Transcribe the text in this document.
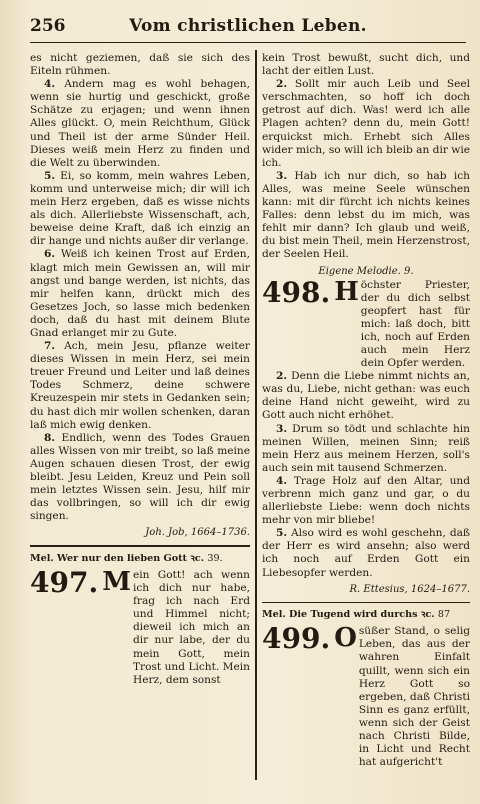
256	Vom christlichen Leben.

es nicht geziemen, daß sie sich des Eiteln rühmen.

4. Andern mag es wohl behagen, wenn sie hurtig und geschickt, große Schätze zu erjagen; und wenn ihnen Alles glückt. O, mein Reichthum, Glück und Theil ist der arme Sünder Heil. Dieses weiß mein Herz zu finden und die Welt zu überwinden.

5. Ei, so komm, mein wahres Leben, komm und unterweise mich; dir will ich mein Herz ergeben, daß es wisse nichts als dich. Allerliebste Wissenschaft, ach, beweise deine Kraft, daß ich einzig an dir hange und nichts außer dir verlange.

6. Weiß ich keinen Trost auf Erden, klagt mich mein Gewissen an, will mir angst und bange werden, ist nichts, das mir helfen kann, drückt mich des Gesetzes Joch, so lasse mich bedenken doch, daß du hast mit deinem Blute Gnad erlanget mir zu Gute.

7. Ach, mein Jesu, pflanze weiter dieses Wissen in mein Herz, sei mein treuer Freund und Leiter und laß deines Todes Schmerz, deine schwere Kreuzespein mir stets in Gedanken sein; du hast dich mir wollen schenken, daran laß mich ewig denken.

8. Endlich, wenn des Todes Grauen alles Wissen von mir treibt, so laß meine Augen schauen diesen Trost, der ewig bleibt. Jesu Leiden, Kreuz und Pein soll mein letztes Wissen sein. Jesu, hilf mir das vollbringen, so will ich dir ewig singen.

Joh. Job, 1664–1736.

Mel. Wer nur den lieben Gott ꝛc. 39.
497. M ein Gott! ach wenn ich dich nur habe, frag ich nach Erd und Himmel nicht; dieweil ich mich an dir nur labe, der du mein Gott, mein Trost und Licht. Mein Herz, dem sonst

kein Trost bewußt, sucht dich, und lacht der eitlen Lust.

2. Sollt mir auch Leib und Seel verschmachten, so hoff ich doch getrost auf dich. Was! werd ich alle Plagen achten? denn du, mein Gott! erquickst mich. Erhebt sich Alles wider mich, so will ich bleib an dir wie ich.

3. Hab ich nur dich, so hab ich Alles, was meine Seele wünschen kann: mit dir fürcht ich nichts keines Falles: denn lebst du im mich, was fehlt mir dann? Ich glaub und weiß, du bist mein Theil, mein Herzenstrost, der Seelen Heil.

Eigene Melodie. 9.
498. H öchster Priester, der du dich selbst geopfert hast für mich: laß doch, bitt ich, noch auf Erden auch mein Herz dein Opfer werden.

2. Denn die Liebe nimmt nichts an, was du, Liebe, nicht gethan: was euch deine Hand nicht geweiht, wird zu Gott auch nicht erhöhet.

3. Drum so tödt und schlachte hin meinen Willen, meinen Sinn; reiß mein Herz aus meinem Herzen, soll's auch sein mit tausend Schmerzen.

4. Trage Holz auf den Altar, und verbrenn mich ganz und gar, o du allerliebste Liebe: wenn doch nichts mehr von mir bliebe!

5. Also wird es wohl geschehn, daß der Herr es wird ansehn; also werd ich noch auf Erden Gott ein Liebesopfer werden.

R. Ettesius, 1624–1677.

Mel. Die Tugend wird durchs ꝛc. 87
499. O süßer Stand, o selig Leben, das aus der wahren Einfalt quillt, wenn sich ein Herz Gott so ergeben, daß Christi Sinn es ganz erfüllt, wenn sich der Geist nach Christi Bilde, in Licht und Recht hat aufgericht't
